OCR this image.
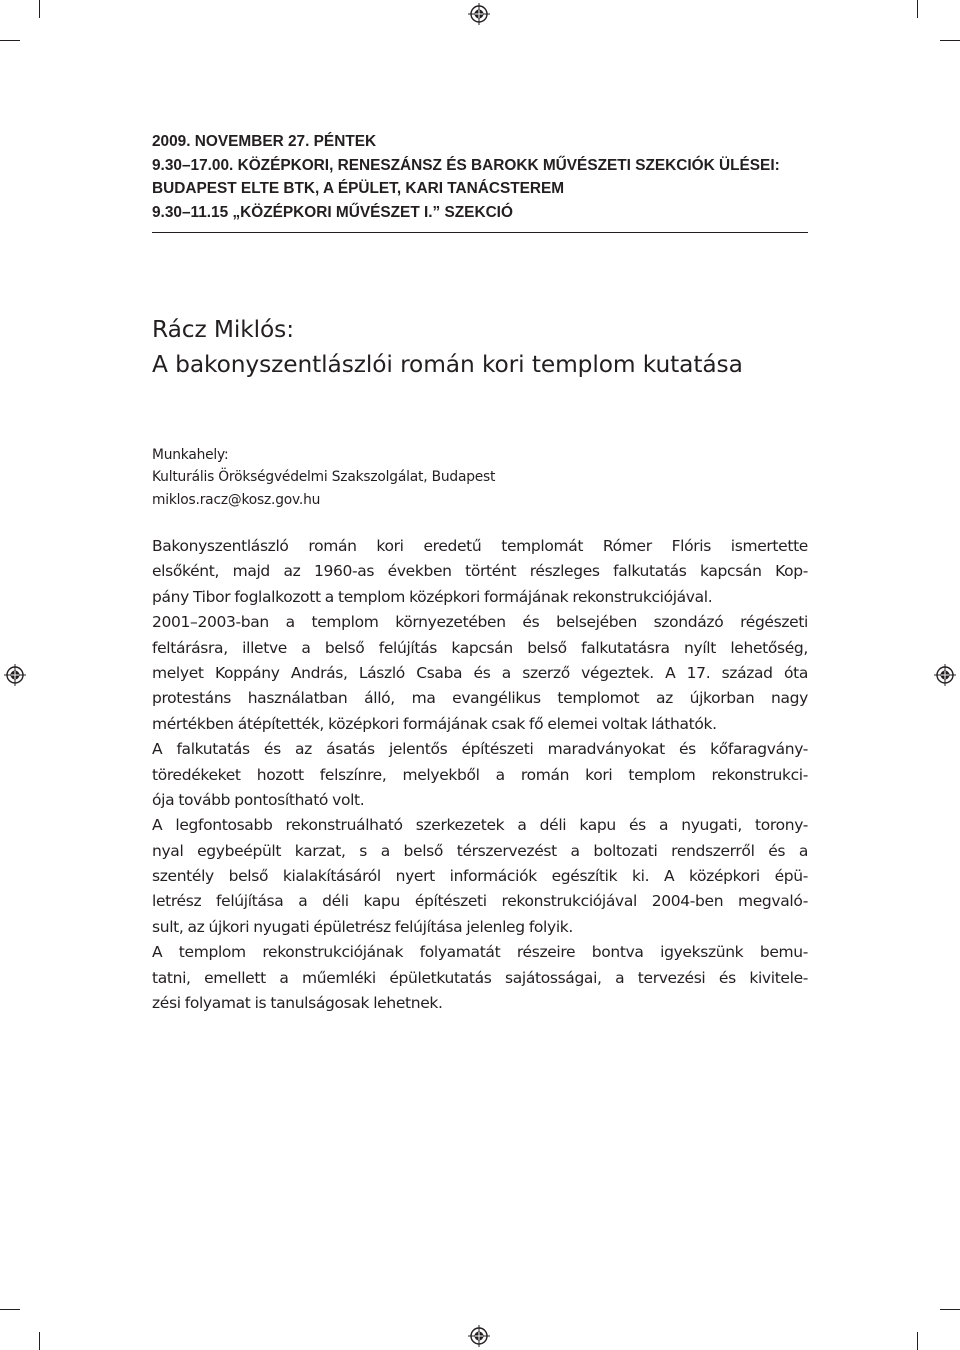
2009. NOVEMBER 27. PÉNTEK
9.30–17.00. KÖZÉPKORI, RENESZÁNSZ ÉS BAROKK MŰVÉSZETI SZEKCIÓK ÜLÉSEI:
BUDAPEST ELTE BTK, A ÉPÜLET, KARI TANÁCSTEREM
9.30–11.15 „KÖZÉPKORI MŰVÉSZET I.” SZEKCIÓ
Rácz Miklós:
A bakonyszentlászlói román kori templom kutatása
Munkahely:
Kulturális Örökségvédelmi Szakszolgálat, Budapest
miklos.racz@kosz.gov.hu
Bakonyszentlászló román kori eredetű templomát Rómer Flóris ismertette
elsőként, majd az 1960-as években történt részleges falkutatás kapcsán Kop-
pány Tibor foglalkozott a templom középkori formájának rekonstrukciójával.
2001–2003-ban a templom környezetében és belsejében szondázó régészeti
feltárásra, illetve a belső felújítás kapcsán belső falkutatásra nyílt lehetőség,
melyet Koppány András, László Csaba és a szerző végeztek. A 17. század óta
protestáns használatban álló, ma evangélikus templomot az újkorban nagy
mértékben átépítették, középkori formájának csak fő elemei voltak láthatók.
A falkutatás és az ásatás jelentős építészeti maradványokat és kőfaragvány-
töredékeket hozott felszínre, melyekből a román kori templom rekonstrukci-
ója tovább pontosítható volt.
A legfontosabb rekonstruálható szerkezetek a déli kapu és a nyugati, torony-
nyal egybeépült karzat, s a belső térszervezést a boltozati rendszerről és a
szentély belső kialakításáról nyert információk egészítik ki. A középkori épü-
letrész felújítása a déli kapu építészeti rekonstrukciójával 2004-ben megvaló-
sult, az újkori nyugati épületrész felújítása jelenleg folyik.
A templom rekonstrukciójának folyamatát részeire bontva igyekszünk bemu-
tatni, emellett a műemléki épületkutatás sajátosságai, a tervezési és kivitele-
zési folyamat is tanulságosak lehetnek.
